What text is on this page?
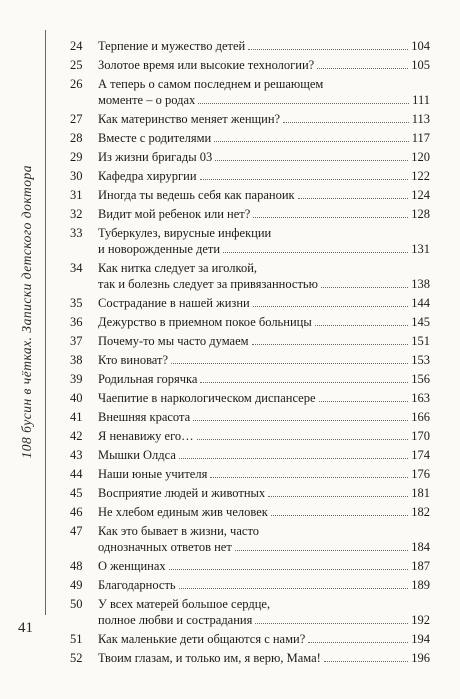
108 бусин в чётках. Записки детского доктора
41
24	Терпение и мужество детей	104
25	Золотое время или высокие технологии?	105
26	А теперь о самом последнем и решающем
моменте – о родах	111
27	Как материнство меняет женщин?	113
28	Вместе с родителями	117
29	Из жизни бригады 03	120
30	Кафедра хирургии	122
31	Иногда ты ведешь себя как параноик	124
32	Видит мой ребенок или нет?	128
33	Туберкулез, вирусные инфекции
и новорожденные дети	131
34	Как нитка следует за иголкой,
так и болезнь следует за привязанностью	138
35	Сострадание в нашей жизни	144
36	Дежурство в приемном покое больницы	145
37	Почему-то мы часто думаем	151
38	Кто виноват?	153
39	Родильная горячка	156
40	Чаепитие в наркологическом диспансере	163
41	Внешняя красота	166
42	Я ненавижу его…	170
43	Мышки Олдса	174
44	Наши юные учителя	176
45	Восприятие людей и животных	181
46	Не хлебом единым жив человек	182
47	Как это бывает в жизни, часто
однозначных ответов нет	184
48	О женщинах	187
49	Благодарность	189
50	У всех матерей большое сердце,
полное любви и сострадания	192
51	Как маленькие дети общаются с нами?	194
52	Твоим глазам, и только им, я верю, Мама!	196
